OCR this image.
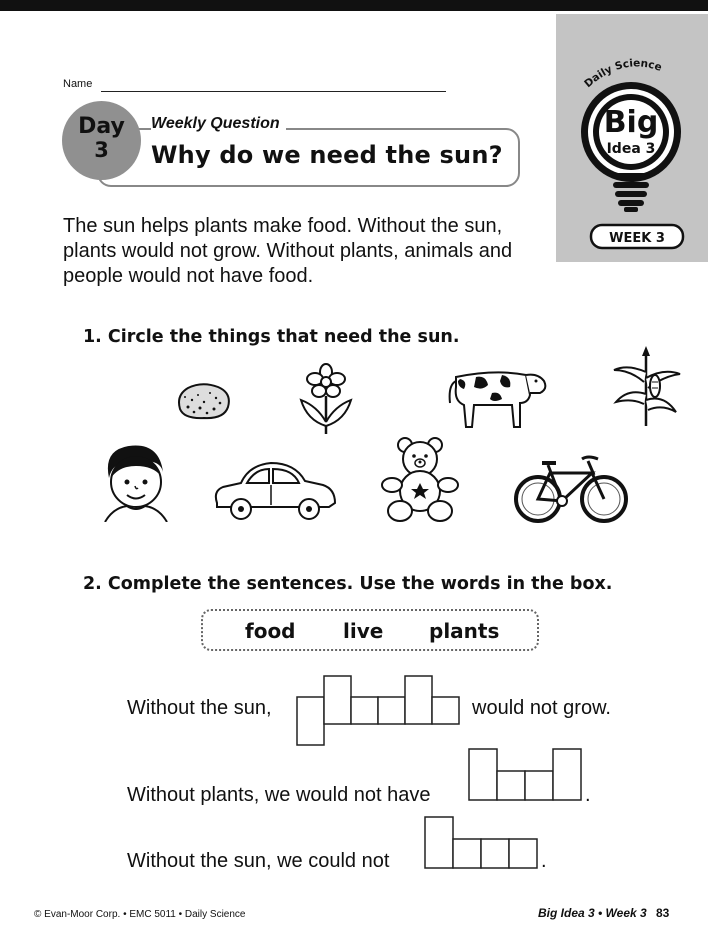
Daily Science
Big
Idea 3
WEEK 3
Name
Day
3
Weekly Question
Why do we need the sun?
The sun helps plants make food. Without the sun, plants would not grow. Without plants, animals and people would not have food.
1. Circle the things that need the sun.
2. Complete the sentences. Use the words in the box.
food live plants
Without the sun,	would not grow.
Without plants, we would not have	.
Without the sun, we could not	.
© Evan-Moor Corp. • EMC 5011 • Daily Science	Big Idea 3 • Week 3 83
